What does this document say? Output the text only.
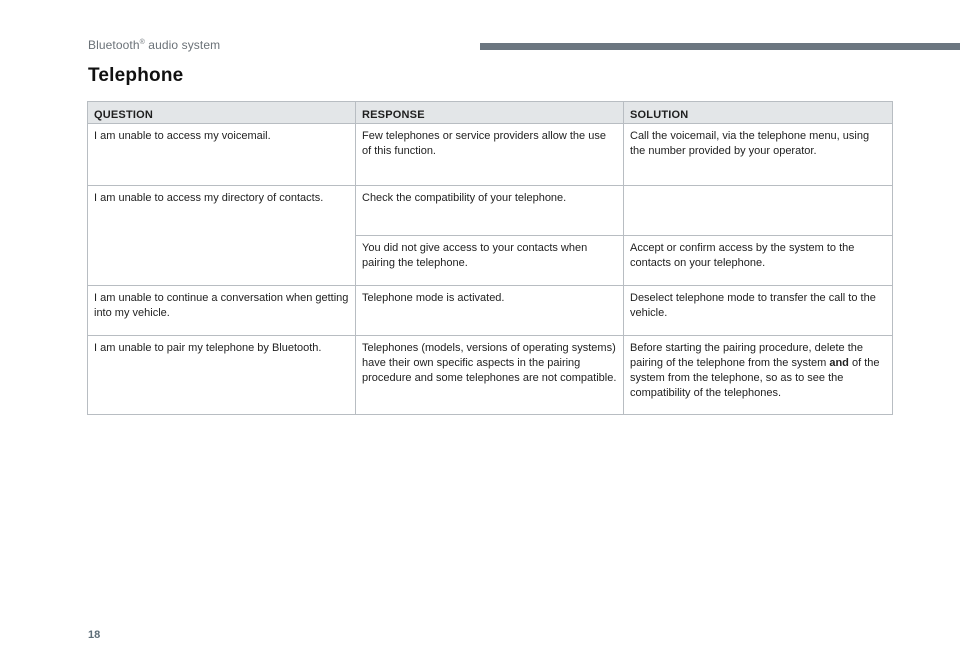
Bluetooth® audio system
Telephone
QUESTION	RESPONSE	SOLUTION
I am unable to access my voicemail.	Few telephones or service providers allow the use of this function.	Call the voicemail, via the telephone menu, using the number provided by your operator.
I am unable to access my directory of contacts.	Check the compatibility of your telephone.	
	You did not give access to your contacts when pairing the telephone.	Accept or confirm access by the system to the contacts on your telephone.
I am unable to continue a conversation when getting into my vehicle.	Telephone mode is activated.	Deselect telephone mode to transfer the call to the vehicle.
I am unable to pair my telephone by Bluetooth.	Telephones (models, versions of operating systems) have their own specific aspects in the pairing procedure and some telephones are not compatible.	Before starting the pairing procedure, delete the pairing of the telephone from the system and of the system from the telephone, so as to see the compatibility of the telephones.
18
